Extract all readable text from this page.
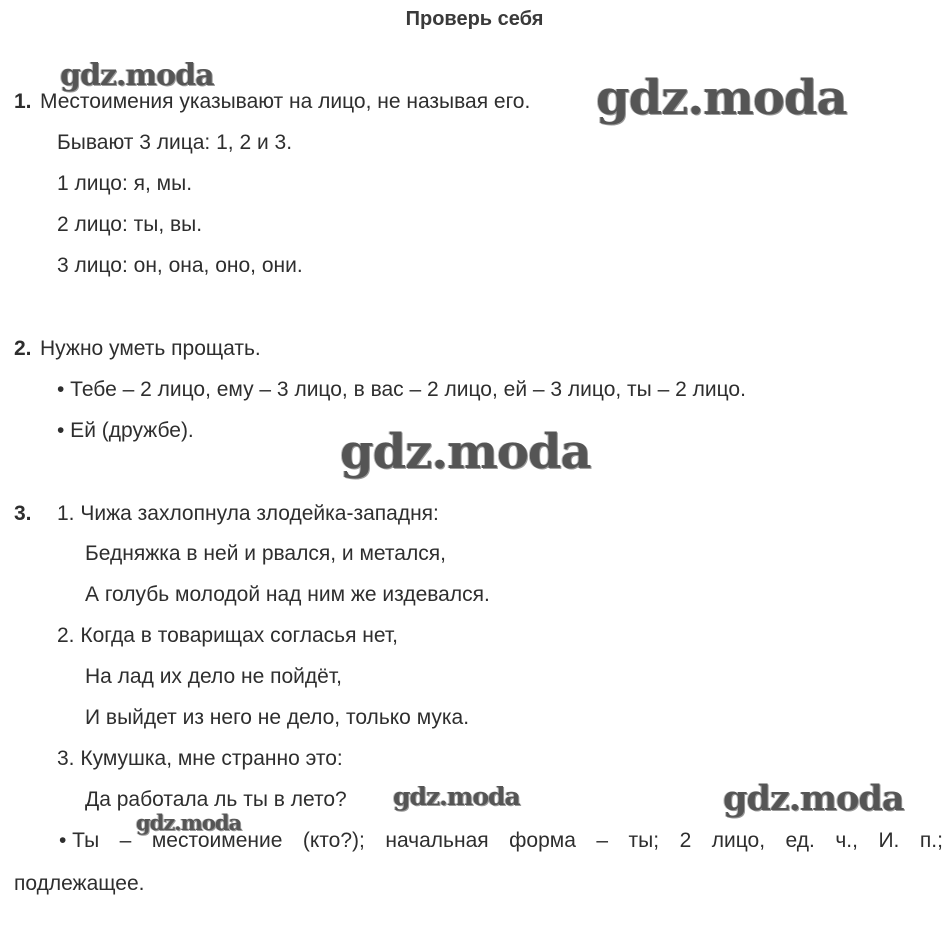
Проверь себя
1. Местоимения указывают на лицо, не называя его.
Бывают 3 лица: 1, 2 и 3.
1 лицо: я, мы.
2 лицо: ты, вы.
3 лицо: он, она, оно, они.
2. Нужно уметь прощать.
• Тебе – 2 лицо, ему – 3 лицо, в вас – 2 лицо, ей – 3 лицо, ты – 2 лицо.
• Ей (дружбе).
3. 1. Чижа захлопнула злодейка-западня:
Бедняжка в ней и рвался, и метался,
А голубь молодой над ним же издевался.
2. Когда в товарищах согласья нет,
На лад их дело не пойдёт,
И выйдет из него не дело, только мука.
3. Кумушка, мне странно это:
Да работала ль ты в лето?
• Ты – местоимение (кто?); начальная форма – ты; 2 лицо, ед. ч., И. п.;
подлежащее.
gdz.moda	gdz.moda
gdz.moda
gdz.moda	gdz.moda
gdz.moda
